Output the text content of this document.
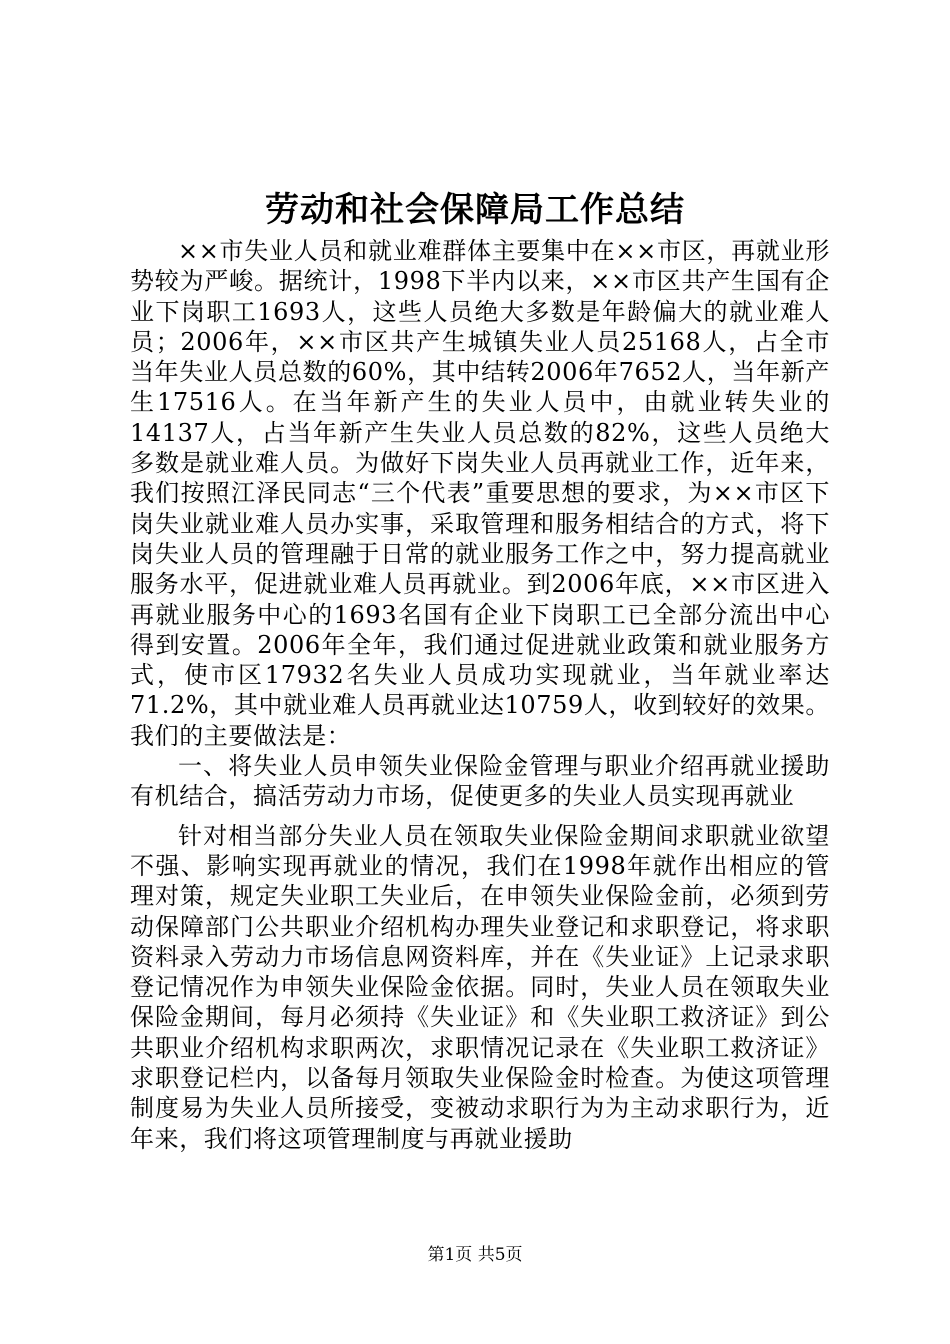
劳动和社会保障局工作总结

××市失业人员和就业难群体主要集中在××市区，再就业形势较为严峻。据统计，1998下半内以来，××市区共产生国有企业下岗职工1693人，这些人员绝大多数是年龄偏大的就业难人员；2006年，××市区共产生城镇失业人员25168人，占全市当年失业人员总数的60%，其中结转2006年7652人，当年新产生17516人。在当年新产生的失业人员中，由就业转失业的14137人，占当年新产生失业人员总数的82%，这些人员绝大多数是就业难人员。为做好下岗失业人员再就业工作，近年来，我们按照江泽民同志“三个代表”重要思想的要求，为××市区下岗失业就业难人员办实事，采取管理和服务相结合的方式，将下岗失业人员的管理融于日常的就业服务工作之中，努力提高就业服务水平，促进就业难人员再就业。到2006年底，××市区进入再就业服务中心的1693名国有企业下岗职工已全部分流出中心得到安置。2006年全年，我们通过促进就业政策和就业服务方式，使市区17932名失业人员成功实现就业，当年就业率达71.2%，其中就业难人员再就业达10759人，收到较好的效果。我们的主要做法是：

一、将失业人员申领失业保险金管理与职业介绍再就业援助有机结合，搞活劳动力市场，促使更多的失业人员实现再就业

针对相当部分失业人员在领取失业保险金期间求职就业欲望不强、影响实现再就业的情况，我们在1998年就作出相应的管理对策，规定失业职工失业后，在申领失业保险金前，必须到劳动保障部门公共职业介绍机构办理失业登记和求职登记，将求职资料录入劳动力市场信息网资料库，并在《失业证》上记录求职登记情况作为申领失业保险金依据。同时，失业人员在领取失业保险金期间，每月必须持《失业证》和《失业职工救济证》到公共职业介绍机构求职两次，求职情况记录在《失业职工救济证》求职登记栏内，以备每月领取失业保险金时检查。为使这项管理制度易为失业人员所接受，变被动求职行为为主动求职行为，近年来，我们将这项管理制度与再就业援助

第1页 共5页
